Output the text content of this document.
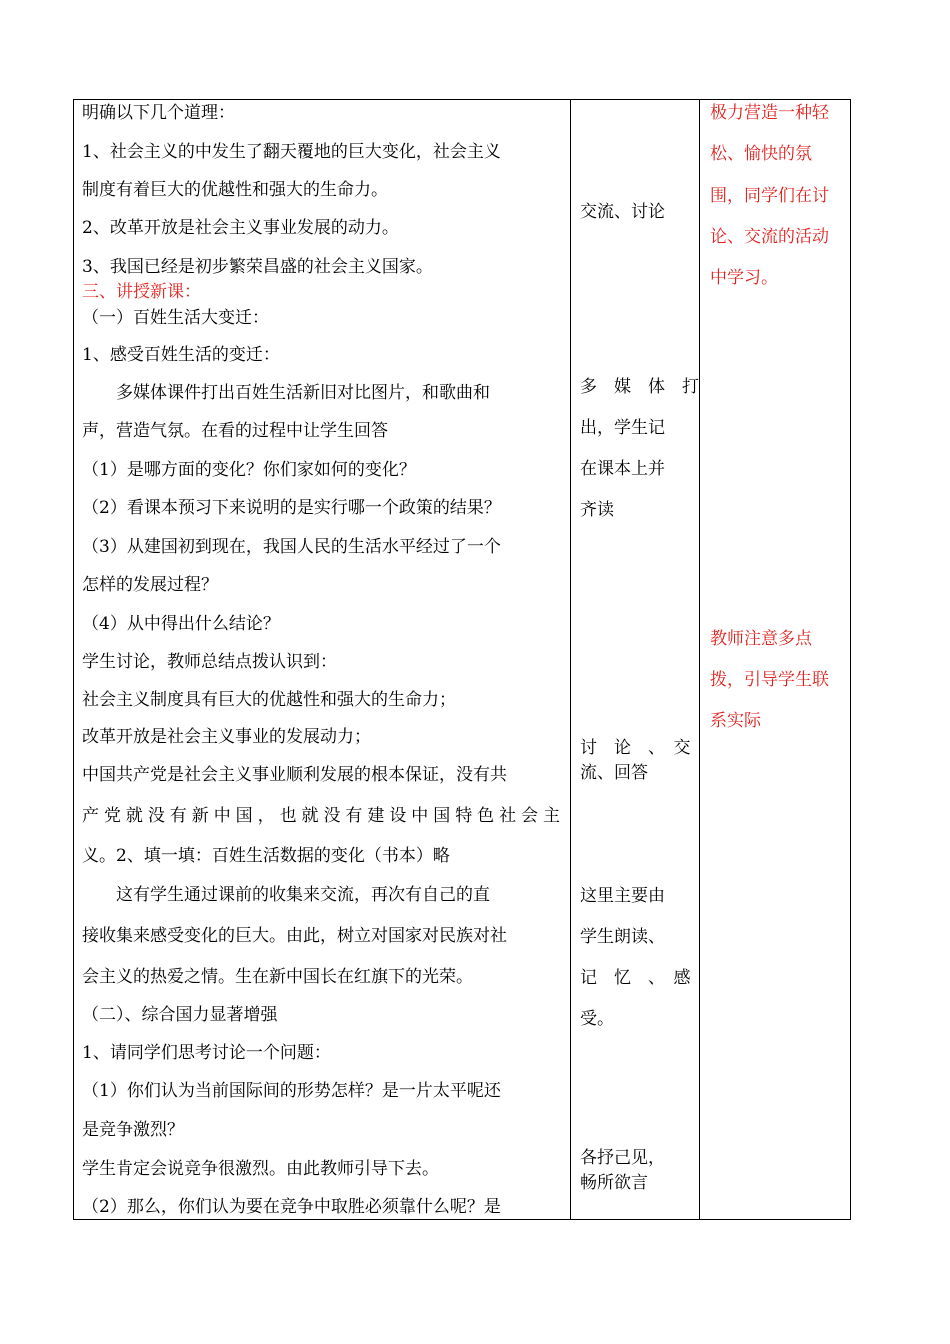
明确以下几个道理：
1、社会主义的中发生了翻天覆地的巨大变化，社会主义
制度有着巨大的优越性和强大的生命力。
2、改革开放是社会主义事业发展的动力。
3、我国已经是初步繁荣昌盛的社会主义国家。
三、讲授新课：
（一）百姓生活大变迁：
1、感受百姓生活的变迁：
　　多媒体课件打出百姓生活新旧对比图片，和歌曲和
声，营造气氛。在看的过程中让学生回答
（1）是哪方面的变化？你们家如何的变化？
（2）看课本预习下来说明的是实行哪一个政策的结果？
（3）从建国初到现在，我国人民的生活水平经过了一个
怎样的发展过程？
（4）从中得出什么结论？
学生讨论，教师总结点拨认识到：
社会主义制度具有巨大的优越性和强大的生命力；
改革开放是社会主义事业的发展动力；
中国共产党是社会主义事业顺利发展的根本保证，没有共
产党就没有新中国，也就没有建设中国特色社会主
义。2、填一填：百姓生活数据的变化（书本）略
　　这有学生通过课前的收集来交流，再次有自己的直
接收集来感受变化的巨大。由此，树立对国家对民族对社
会主义的热爱之情。生在新中国长在红旗下的光荣。
（二）、综合国力显著增强
1、请同学们思考讨论一个问题：
（1）你们认为当前国际间的形势怎样？是一片太平呢还
是竞争激烈？
学生肯定会说竞争很激烈。由此教师引导下去。
（2）那么，你们认为要在竞争中取胜必须靠什么呢？是
交流、讨论
多　媒　体　打
出，学生记
在课本上并
齐读
讨　论　、　交
流、回答
这里主要由
学生朗读、
记　忆　、　感
受。
各抒己见，
畅所欲言
极力营造一种轻
松、愉快的氛
围，同学们在讨
论、交流的活动
中学习。
教师注意多点
拨，引导学生联
系实际
